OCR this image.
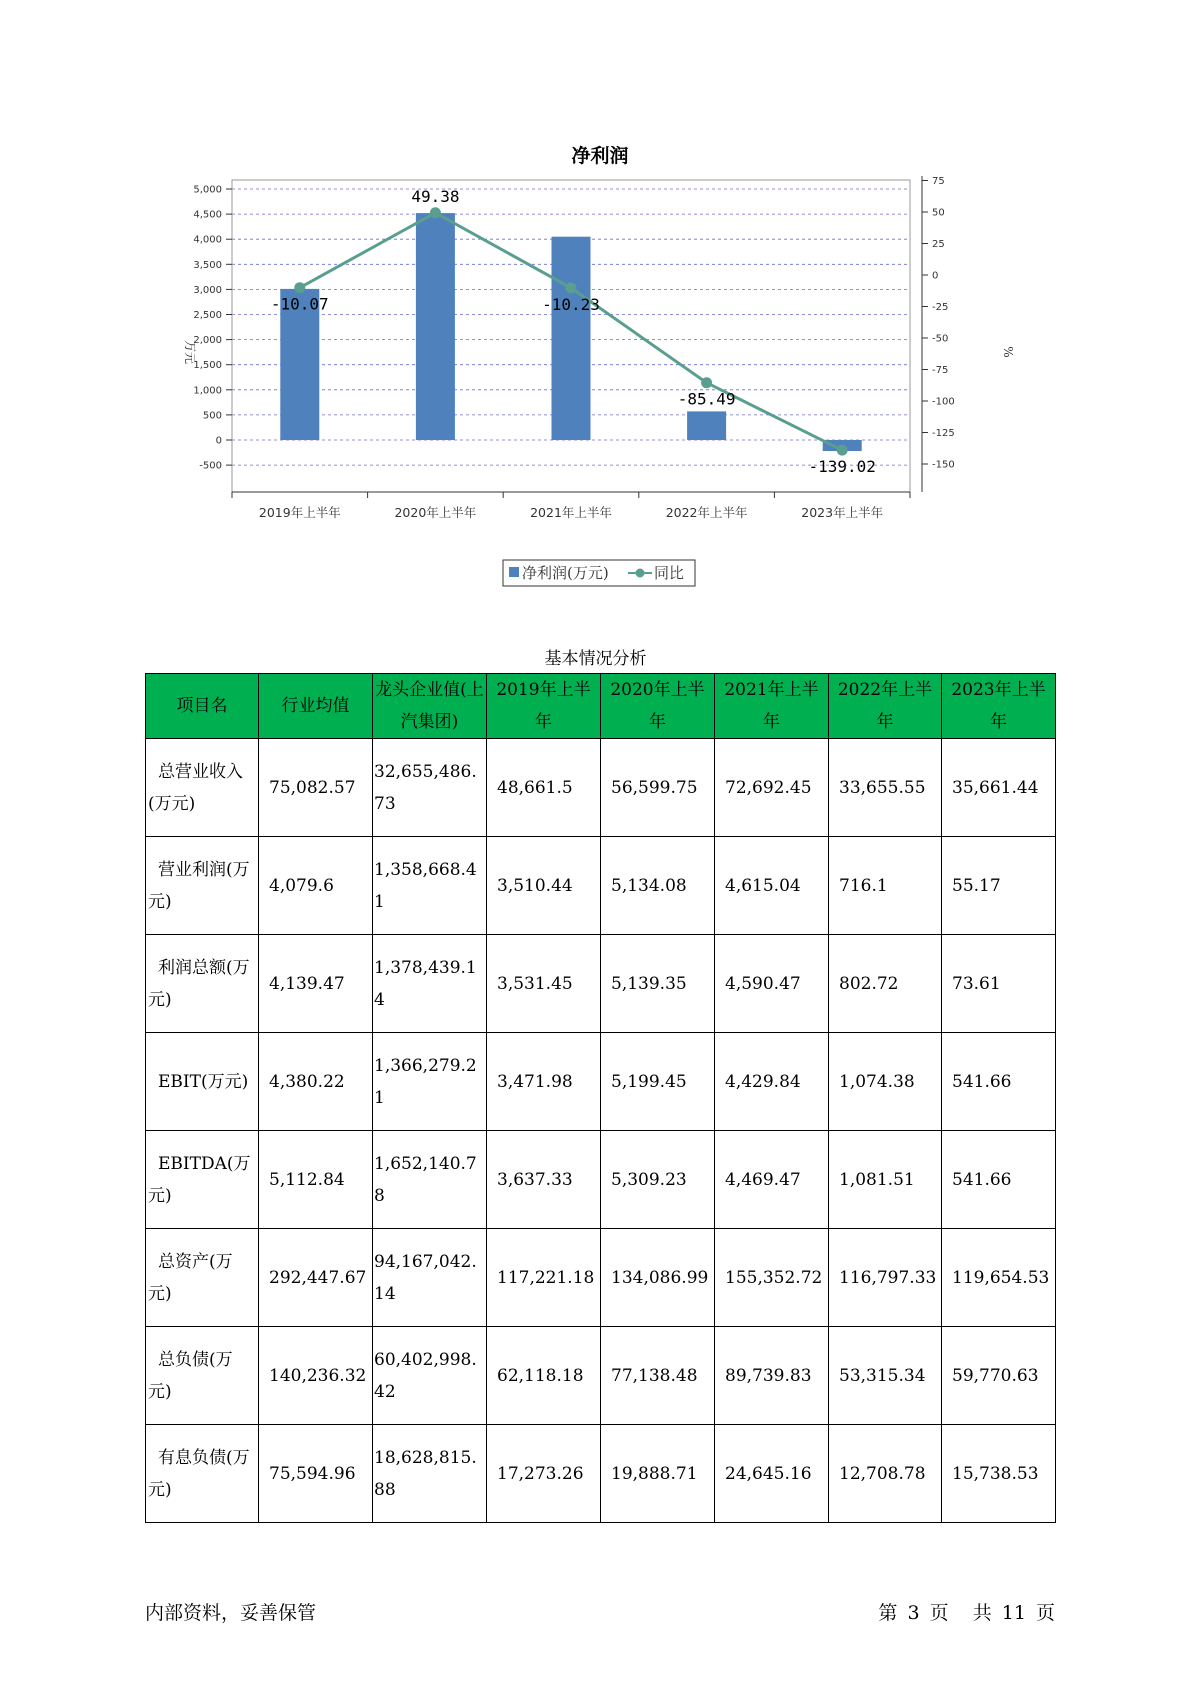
净利润
5,000
4,500
4,000
3,500
3,000
2,500
2,000
1,500
1,000
500
0
-500
75
50
25
0
-25
-50
-75
-100
-125
-150
2019年上半年	2020年上半年	2021年上半年	2022年上半年	2023年上半年
-10.07
49.38
-10.23
-85.49
-139.02
万元	%
净利润(万元)	同比
基本情况分析
项目名	行业均值	龙头企业值(上汽集团)	2019年上半年	2020年上半年	2021年上半年	2022年上半年	2023年上半年
总营业收入(万元)	75,082.57	32,655,486.73	48,661.5	56,599.75	72,692.45	33,655.55	35,661.44
营业利润(万元)	4,079.6	1,358,668.41	3,510.44	5,134.08	4,615.04	716.1	55.17
利润总额(万元)	4,139.47	1,378,439.14	3,531.45	5,139.35	4,590.47	802.72	73.61
EBIT(万元)	4,380.22	1,366,279.21	3,471.98	5,199.45	4,429.84	1,074.38	541.66
EBITDA(万元)	5,112.84	1,652,140.78	3,637.33	5,309.23	4,469.47	1,081.51	541.66
总资产(万元)	292,447.67	94,167,042.14	117,221.18	134,086.99	155,352.72	116,797.33	119,654.53
总负债(万元)	140,236.32	60,402,998.42	62,118.18	77,138.48	89,739.83	53,315.34	59,770.63
有息负债(万元)	75,594.96	18,628,815.88	17,273.26	19,888.71	24,645.16	12,708.78	15,738.53
内部资料，妥善保管	第 3 页 共 11 页
